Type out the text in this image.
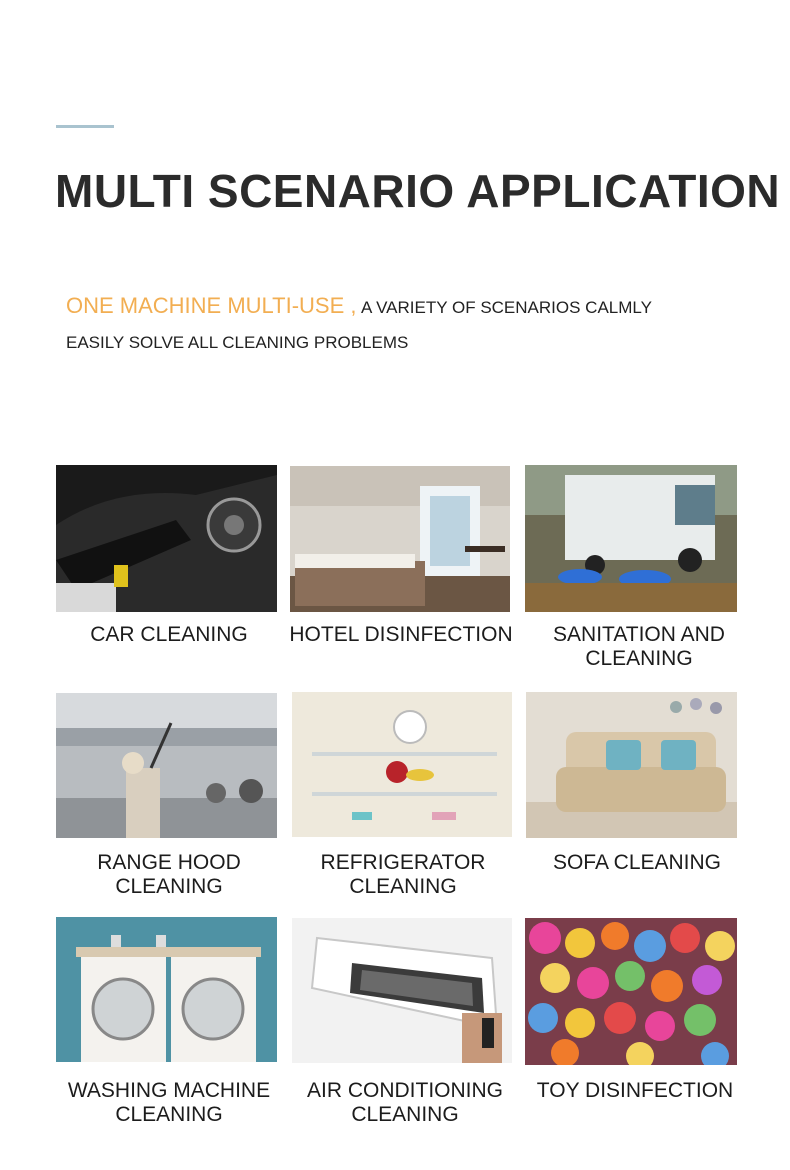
MULTI SCENARIO APPLICATION
ONE MACHINE MULTI-USE , A VARIETY OF SCENARIOS CALMLY
EASILY SOLVE ALL CLEANING PROBLEMS
CAR CLEANING	HOTEL DISINFECTION	SANITATION AND
CLEANING
RANGE HOOD
CLEANING
REFRIGERATOR
CLEANING
SOFA CLEANING
WASHING MACHINE
CLEANING
AIR CONDITIONING
CLEANING
TOY DISINFECTION
